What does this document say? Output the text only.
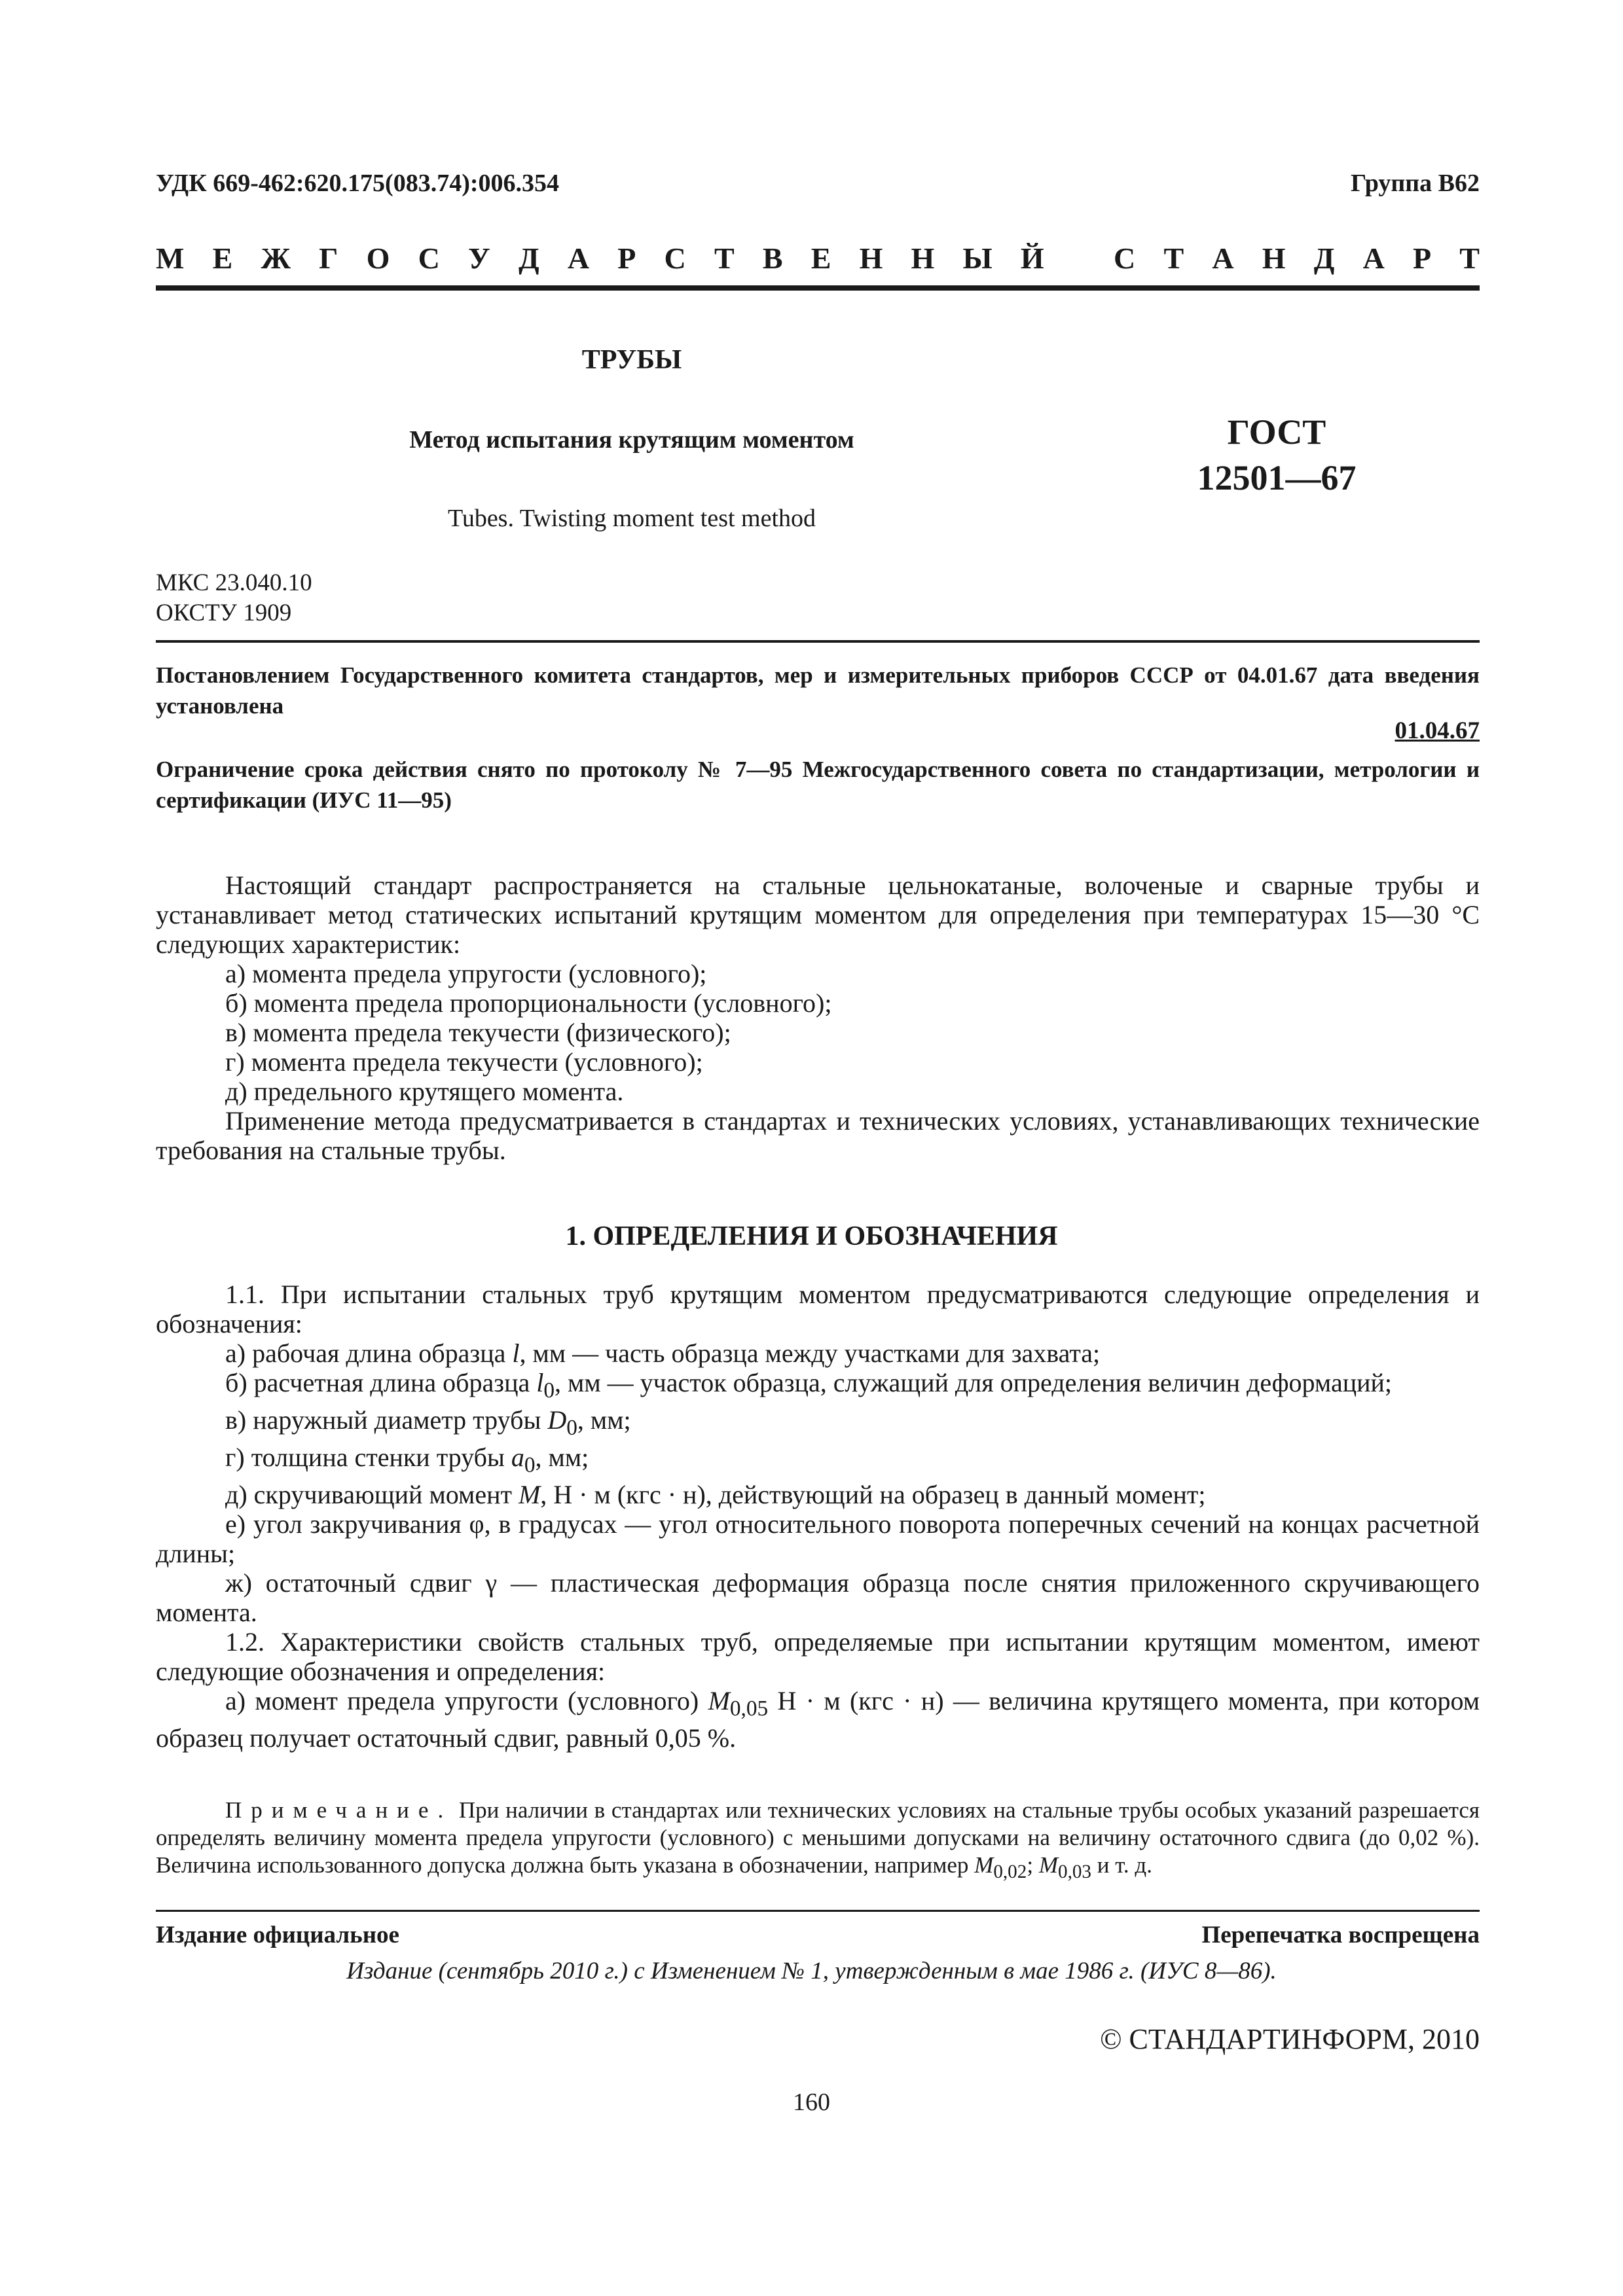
УДК 669-462:620.175(083.74):006.354	Группа В62
М Е Ж Г О С У Д А Р С Т В Е Н Н Ы Й С Т А Н Д А Р Т
ТРУБЫ
Метод испытания крутящим моментом	ГОСТ
12501—67
Tubes. Twisting moment test method
МКС 23.040.10
ОКСТУ 1909
Постановлением Государственного комитета стандартов, мер и измерительных приборов СССР от 04.01.67 дата введения установлена
01.04.67
Ограничение срока действия снято по протоколу № 7—95 Межгосударственного совета по стандартизации, метрологии и сертификации (ИУС 11—95)
Настоящий стандарт распространяется на стальные цельнокатаные, волоченые и сварные трубы и устанавливает метод статических испытаний крутящим моментом для определения при температурах 15—30 °С следующих характеристик:
а) момента предела упругости (условного);
б) момента предела пропорциональности (условного);
в) момента предела текучести (физического);
г) момента предела текучести (условного);
д) предельного крутящего момента.
Применение метода предусматривается в стандартах и технических условиях, устанавливающих технические требования на стальные трубы.
1. ОПРЕДЕЛЕНИЯ И ОБОЗНАЧЕНИЯ
1.1. При испытании стальных труб крутящим моментом предусматриваются следующие определения и обозначения:
а) рабочая длина образца l, мм — часть образца между участками для захвата;
б) расчетная длина образца $l_0$, мм — участок образца, служащий для определения величин деформаций;
в) наружный диаметр трубы $D_0$, мм;
г) толщина стенки трубы $a_0$, мм;
д) скручивающий момент M, Н · м (кгс · н), действующий на образец в данный момент;
е) угол закручивания φ, в градусах — угол относительного поворота поперечных сечений на концах расчетной длины;
ж) остаточный сдвиг γ — пластическая деформация образца после снятия приложенного скручивающего момента.
1.2. Характеристики свойств стальных труб, определяемые при испытании крутящим моментом, имеют следующие обозначения и определения:
а) момент предела упругости (условного) $M_{0,05}$ Н · м (кгс · н) — величина крутящего момента, при котором образец получает остаточный сдвиг, равный 0,05 %.
Примечание. При наличии в стандартах или технических условиях на стальные трубы особых указаний разрешается определять величину момента предела упругости (условного) с меньшими допусками на величину остаточного сдвига (до 0,02 %). Величина использованного допуска должна быть указана в обозначении, например $M_{0,02}$; $M_{0,03}$ и т. д.
Издание официальное	Перепечатка воспрещена
Издание (сентябрь 2010 г.) с Изменением № 1, утвержденным в мае 1986 г. (ИУС 8—86).
© СТАНДАРТИНФОРМ, 2010
160
